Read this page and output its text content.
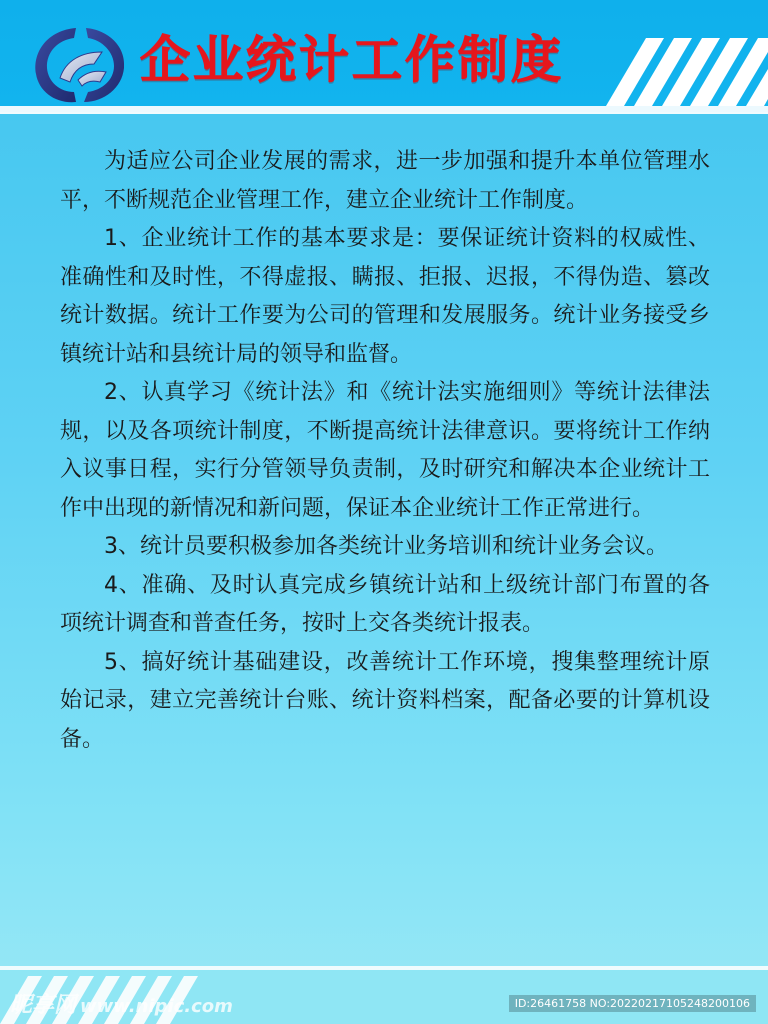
企业统计工作制度

为适应公司企业发展的需求，进一步加强和提升本单位管理水平，不断规范企业管理工作，建立企业统计工作制度。

1、企业统计工作的基本要求是：要保证统计资料的权威性、准确性和及时性，不得虚报、瞒报、拒报、迟报，不得伪造、篡改统计数据。统计工作要为公司的管理和发展服务。统计业务接受乡镇统计站和县统计局的领导和监督。

2、认真学习《统计法》和《统计法实施细则》等统计法律法规，以及各项统计制度，不断提高统计法律意识。要将统计工作纳入议事日程，实行分管领导负责制，及时研究和解决本企业统计工作中出现的新情况和新问题，保证本企业统计工作正常进行。

3、统计员要积极参加各类统计业务培训和统计业务会议。

4、准确、及时认真完成乡镇统计站和上级统计部门布置的各项统计调查和普查任务，按时上交各类统计报表。

5、搞好统计基础建设，改善统计工作环境，搜集整理统计原始记录，建立完善统计台账、统计资料档案，配备必要的计算机设备。

昵享网 www.nipic.com	ID:26461758 NO:20220217105248200106
